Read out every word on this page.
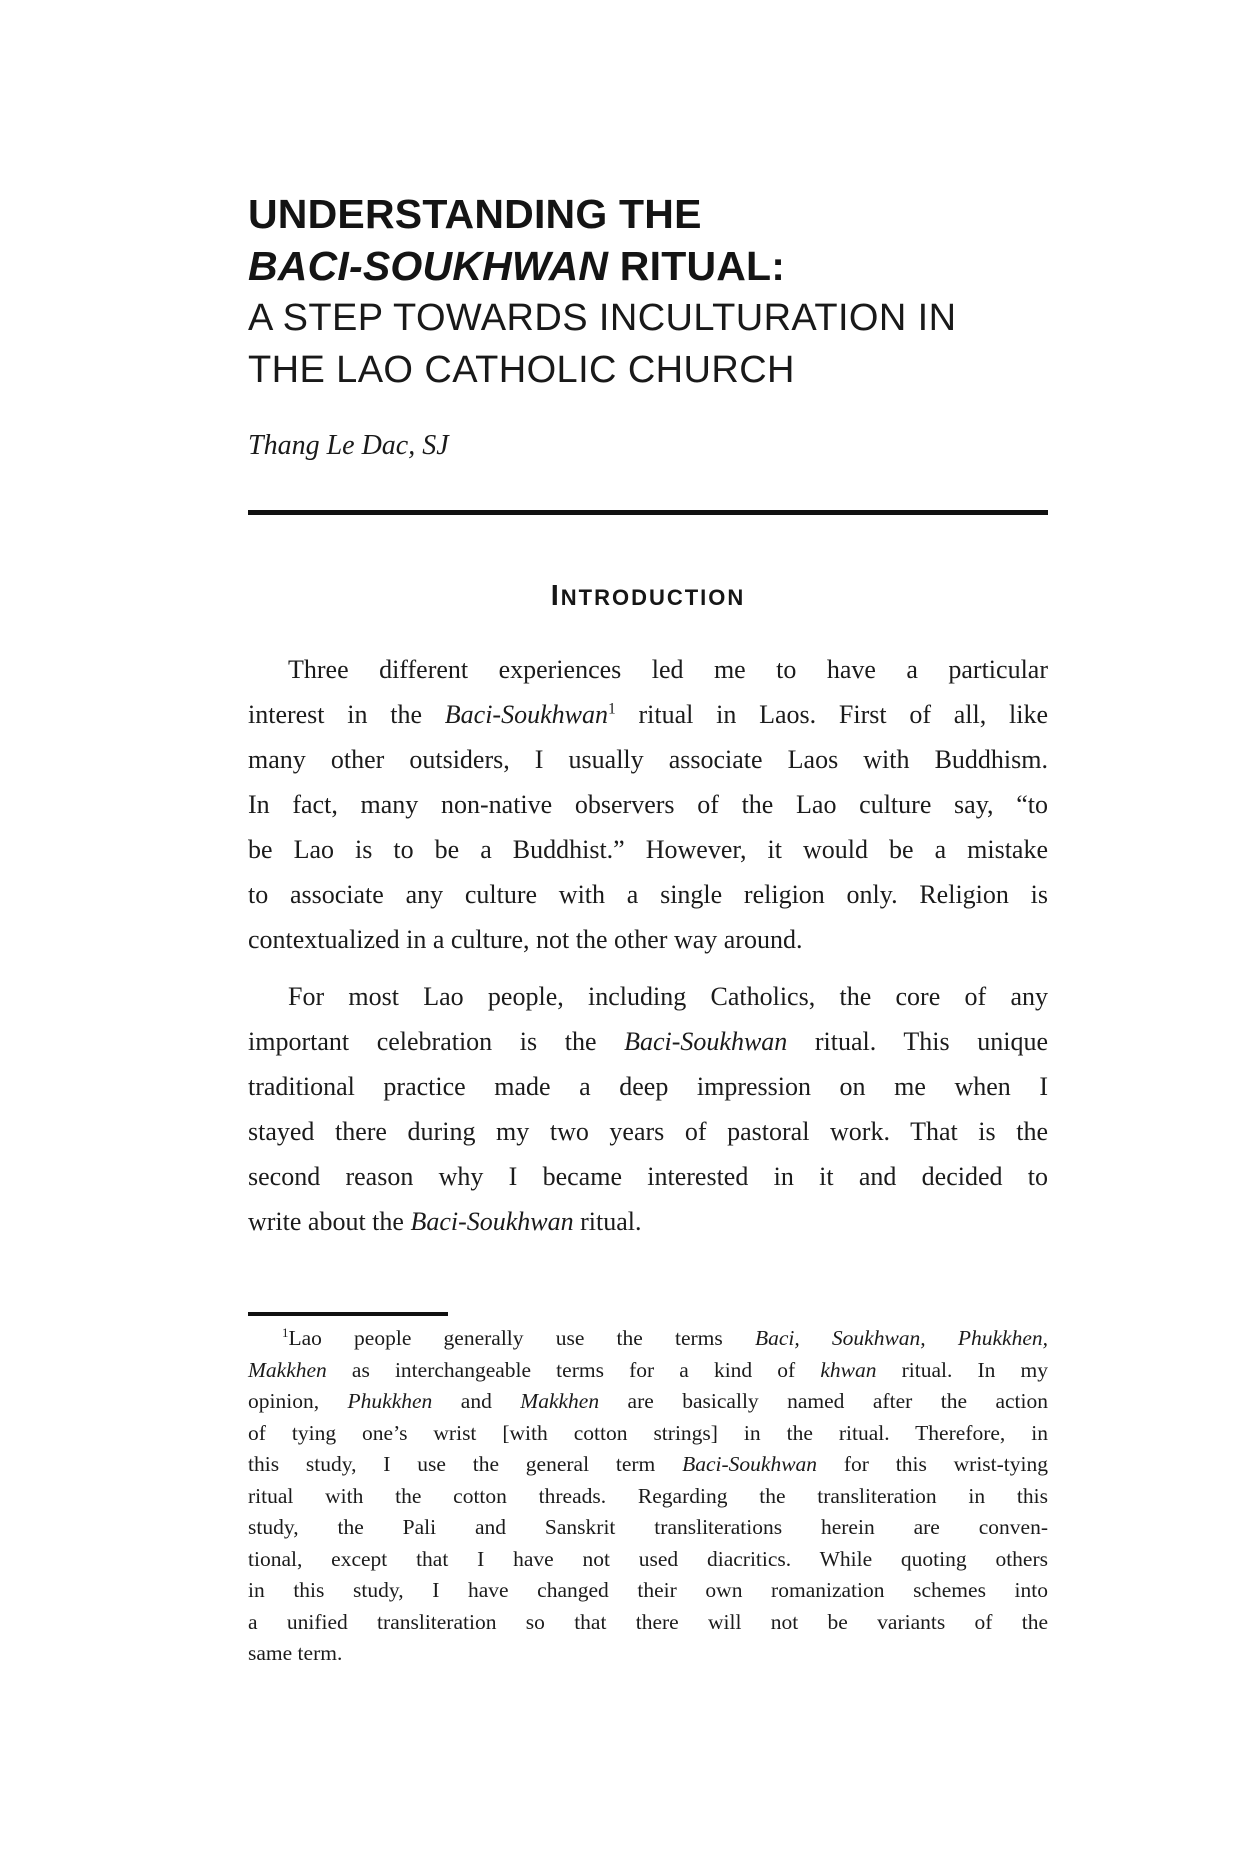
UNDERSTANDING THE
BACI-SOUKHWAN RITUAL:
A STEP TOWARDS INCULTURATION IN
THE LAO CATHOLIC CHURCH
Thang Le Dac, SJ
INTRODUCTION
Three different experiences led me to have a particular
interest in the Baci-Soukhwan$^1$ ritual in Laos. First of all, like
many other outsiders, I usually associate Laos with Buddhism.
In fact, many non-native observers of the Lao culture say, “to
be Lao is to be a Buddhist.” However, it would be a mistake
to associate any culture with a single religion only. Religion is
contextualized in a culture, not the other way around.
For most Lao people, including Catholics, the core of any
important celebration is the Baci-Soukhwan ritual. This unique
traditional practice made a deep impression on me when I
stayed there during my two years of pastoral work. That is the
second reason why I became interested in it and decided to
write about the Baci-Soukhwan ritual.
$^1$Lao people generally use the terms Baci, Soukhwan, Phukkhen,
Makkhen as interchangeable terms for a kind of khwan ritual. In my
opinion, Phukkhen and Makkhen are basically named after the action
of tying one’s wrist [with cotton strings] in the ritual. Therefore, in
this study, I use the general term Baci-Soukhwan for this wrist-tying
ritual with the cotton threads. Regarding the transliteration in this
study, the Pali and Sanskrit transliterations herein are conven-
tional, except that I have not used diacritics. While quoting others
in this study, I have changed their own romanization schemes into
a unified transliteration so that there will not be variants of the
same term.
